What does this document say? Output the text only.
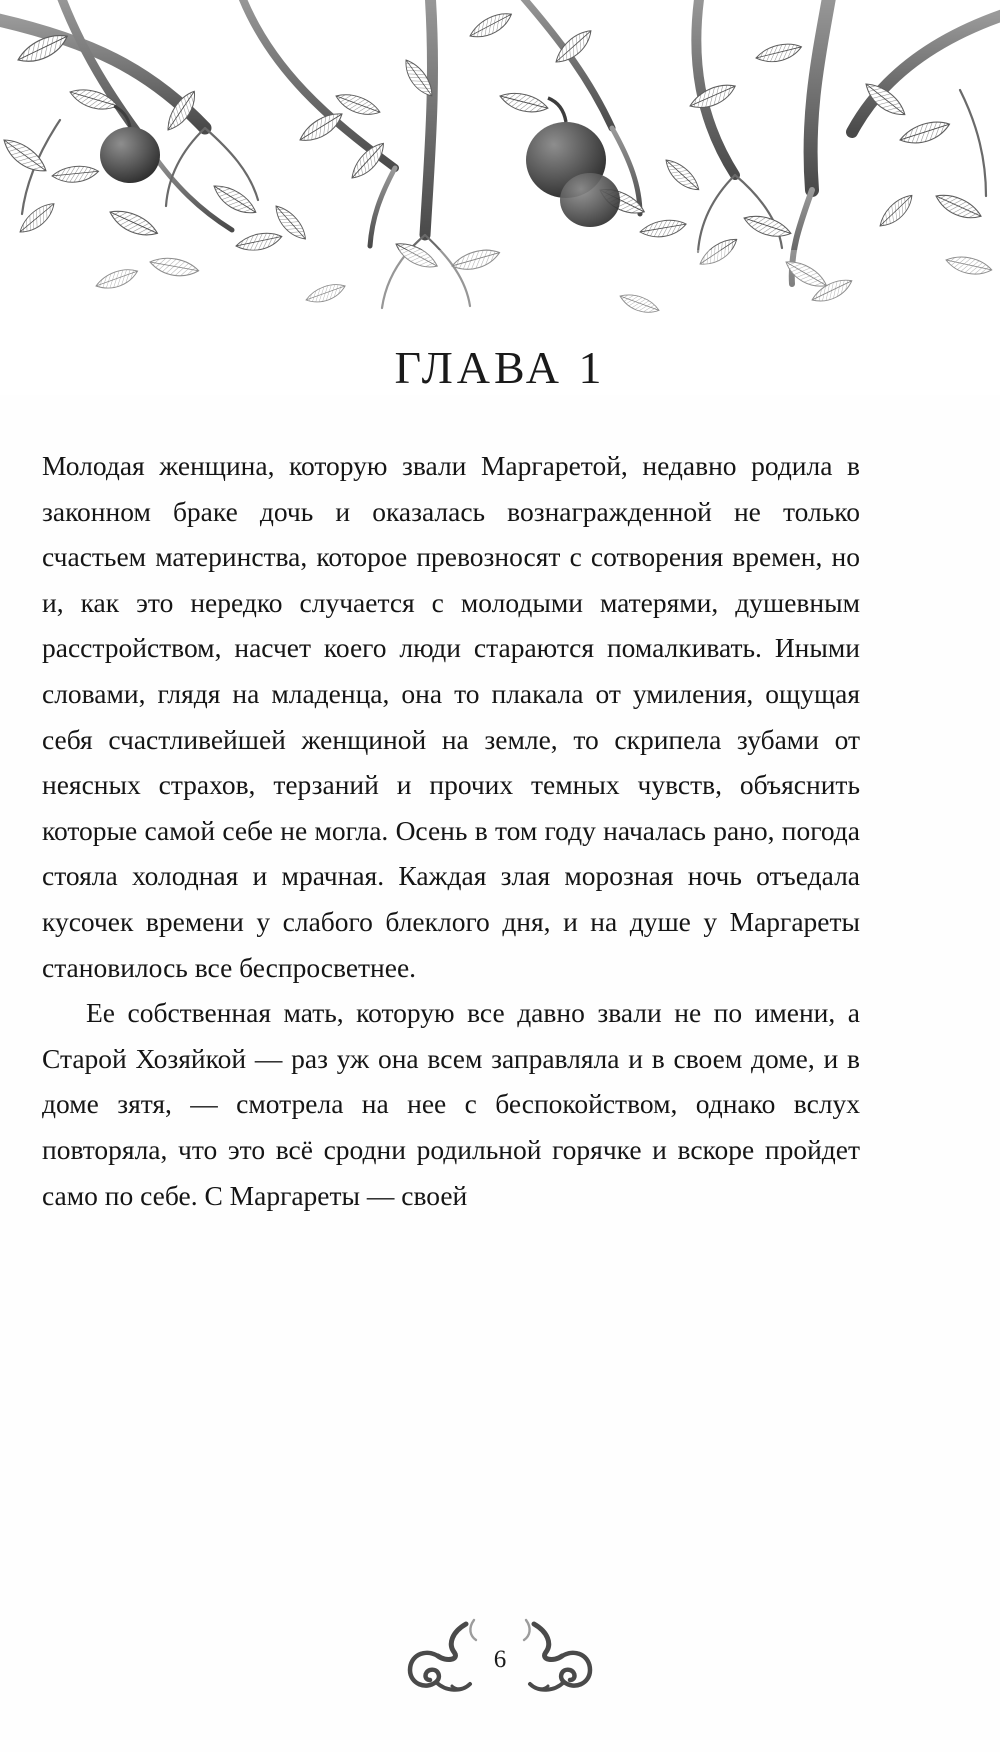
ГЛАВА 1

Молодая женщина, которую звали Маргаретой, недавно родила в законном браке дочь и оказалась вознагражденной не только счастьем материнства, которое превозносят с сотворения времен, но и, как это нередко случается с молодыми матерями, душевным расстройством, насчет коего люди стараются помалкивать. Иными словами, глядя на младенца, она то плакала от умиления, ощущая себя счастливейшей женщиной на земле, то скрипела зубами от неясных страхов, терзаний и прочих темных чувств, объяснить которые самой себе не могла. Осень в том году началась рано, погода стояла холодная и мрачная. Каждая злая морозная ночь отъедала кусочек времени у слабого блеклого дня, и на душе у Маргареты становилось все беспросветнее.

Ее собственная мать, которую все давно звали не по имени, а Старой Хозяйкой — раз уж она всем заправляла и в своем доме, и в доме зятя, — смотрела на нее с беспокойством, однако вслух повторяла, что это всё сродни родильной горячке и вскоре пройдет само по себе. С Маргареты — своей

6
